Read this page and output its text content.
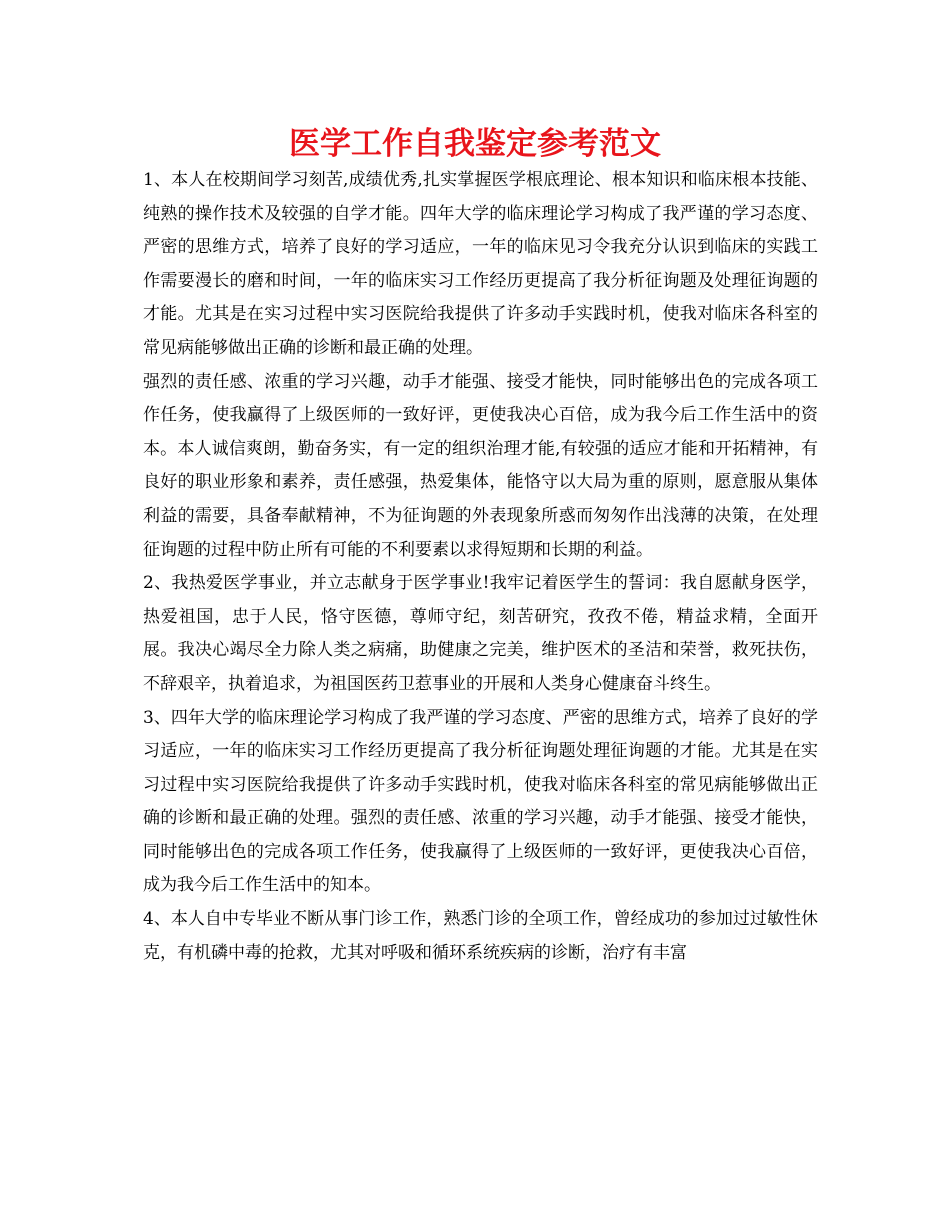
医学工作自我鉴定参考范文

1、本人在校期间学习刻苦,成绩优秀,扎实掌握医学根底理论、根本知识和临床根本技能、纯熟的操作技术及较强的自学才能。四年大学的临床理论学习构成了我严谨的学习态度、严密的思维方式，培养了良好的学习适应，一年的临床见习令我充分认识到临床的实践工作需要漫长的磨和时间，一年的临床实习工作经历更提高了我分析征询题及处理征询题的才能。尤其是在实习过程中实习医院给我提供了许多动手实践时机，使我对临床各科室的常见病能够做出正确的诊断和最正确的处理。

强烈的责任感、浓重的学习兴趣，动手才能强、接受才能快，同时能够出色的完成各项工作任务，使我赢得了上级医师的一致好评，更使我决心百倍，成为我今后工作生活中的资本。本人诚信爽朗，勤奋务实，有一定的组织治理才能,有较强的适应才能和开拓精神，有良好的职业形象和素养，责任感强，热爱集体，能恪守以大局为重的原则，愿意服从集体利益的需要，具备奉献精神，不为征询题的外表现象所惑而匆匆作出浅薄的决策，在处理征询题的过程中防止所有可能的不利要素以求得短期和长期的利益。

2、我热爱医学事业，并立志献身于医学事业!我牢记着医学生的誓词：我自愿献身医学，热爱祖国，忠于人民，恪守医德，尊师守纪，刻苦研究，孜孜不倦，精益求精，全面开展。我决心竭尽全力除人类之病痛，助健康之完美，维护医术的圣洁和荣誉，救死扶伤，不辞艰辛，执着追求，为祖国医药卫惹事业的开展和人类身心健康奋斗终生。

3、四年大学的临床理论学习构成了我严谨的学习态度、严密的思维方式，培养了良好的学习适应，一年的临床实习工作经历更提高了我分析征询题处理征询题的才能。尤其是在实习过程中实习医院给我提供了许多动手实践时机，使我对临床各科室的常见病能够做出正确的诊断和最正确的处理。强烈的责任感、浓重的学习兴趣，动手才能强、接受才能快，同时能够出色的完成各项工作任务，使我赢得了上级医师的一致好评，更使我决心百倍，成为我今后工作生活中的知本。

4、本人自中专毕业不断从事门诊工作，熟悉门诊的全项工作，曾经成功的参加过过敏性休克，有机磷中毒的抢救，尤其对呼吸和循环系统疾病的诊断，治疗有丰富
